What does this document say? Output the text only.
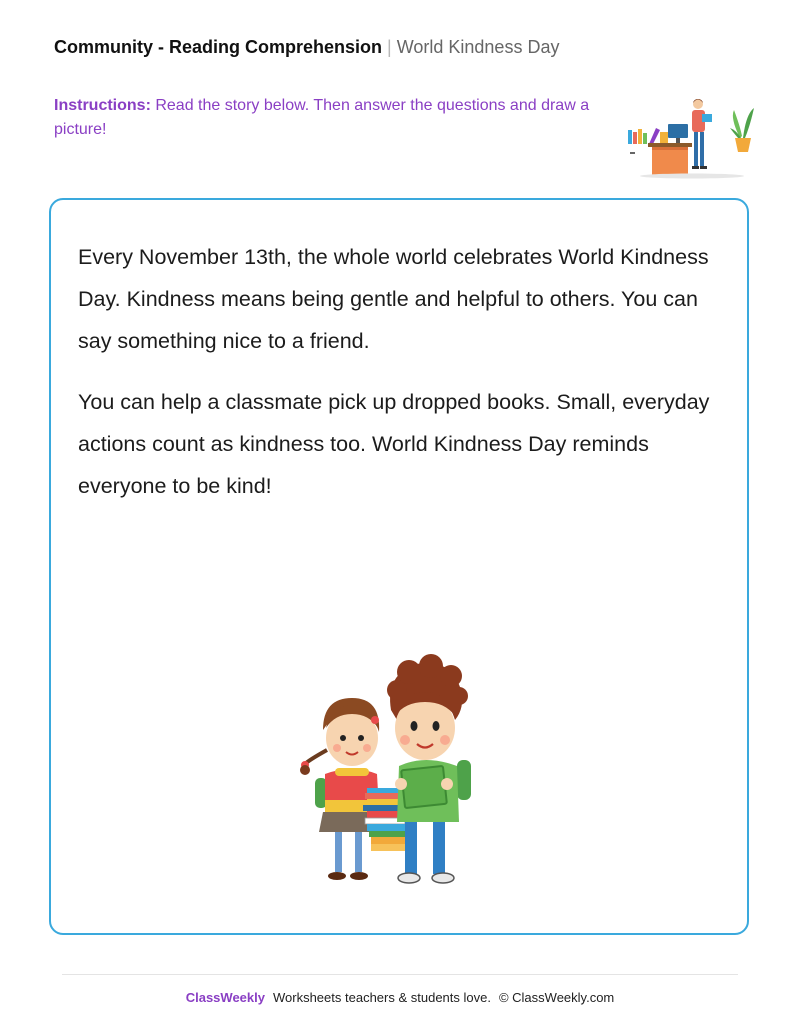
Community - Reading Comprehension | World Kindness Day
Instructions: Read the story below. Then answer the questions and draw a picture!

Every November 13th, the whole world celebrates World Kindness Day. Kindness means being gentle and helpful to others. You can say something nice to a friend.

You can help a classmate pick up dropped books. Small, everyday actions count as kindness too. World Kindness Day reminds everyone to be kind!

ClassWeekly Worksheets teachers & students love. © ClassWeekly.com
